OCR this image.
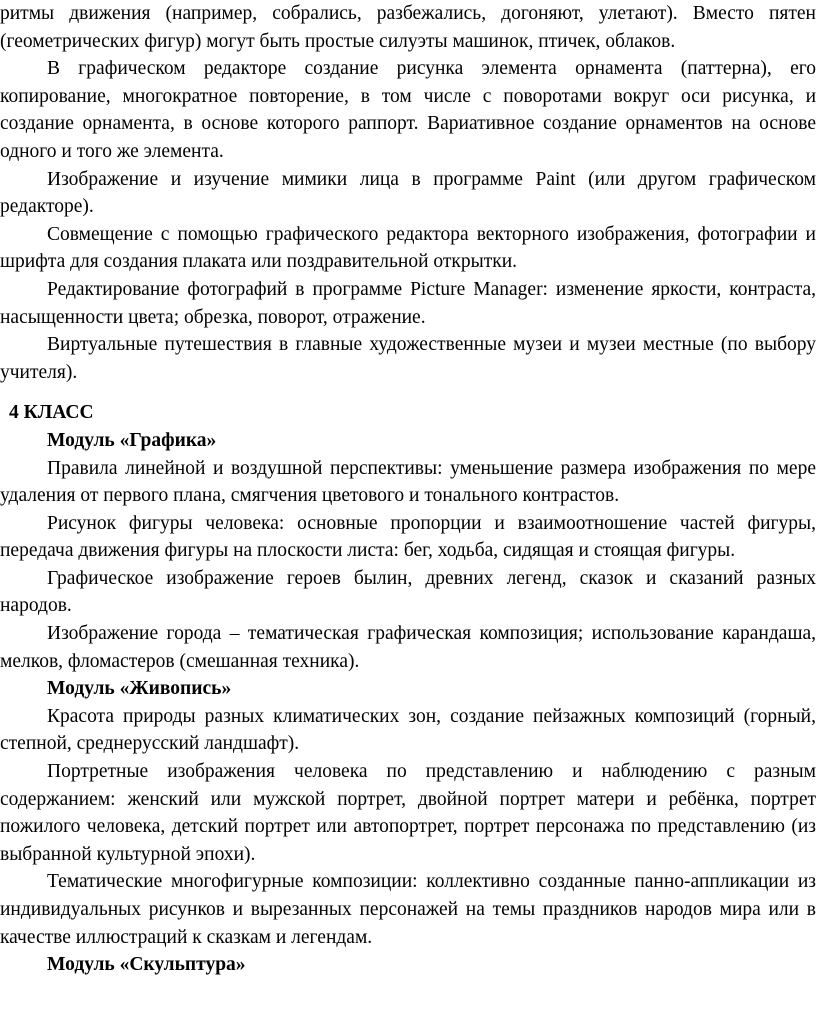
ритмы движения (например, собрались, разбежались, догоняют, улетают). Вместо пятен (геометрических фигур) могут быть простые силуэты машинок, птичек, облаков.

В графическом редакторе создание рисунка элемента орнамента (паттерна), его копирование, многократное повторение, в том числе с поворотами вокруг оси рисунка, и создание орнамента, в основе которого раппорт. Вариативное создание орнаментов на основе одного и того же элемента.

Изображение и изучение мимики лица в программе Paint (или другом графическом редакторе).

Совмещение с помощью графического редактора векторного изображения, фотографии и шрифта для создания плаката или поздравительной открытки.

Редактирование фотографий в программе Picture Manager: изменение яркости, контраста, насыщенности цвета; обрезка, поворот, отражение.

Виртуальные путешествия в главные художественные музеи и музеи местные (по выбору учителя).

4 КЛАСС

Модуль «Графика»

Правила линейной и воздушной перспективы: уменьшение размера изображения по мере удаления от первого плана, смягчения цветового и тонального контрастов.

Рисунок фигуры человека: основные пропорции и взаимоотношение частей фигуры, передача движения фигуры на плоскости листа: бег, ходьба, сидящая и стоящая фигуры.

Графическое изображение героев былин, древних легенд, сказок и сказаний разных народов.

Изображение города – тематическая графическая композиция; использование карандаша, мелков, фломастеров (смешанная техника).

Модуль «Живопись»

Красота природы разных климатических зон, создание пейзажных композиций (горный, степной, среднерусский ландшафт).

Портретные изображения человека по представлению и наблюдению с разным содержанием: женский или мужской портрет, двойной портрет матери и ребёнка, портрет пожилого человека, детский портрет или автопортрет, портрет персонажа по представлению (из выбранной культурной эпохи).

Тематические многофигурные композиции: коллективно созданные панно-аппликации из индивидуальных рисунков и вырезанных персонажей на темы праздников народов мира или в качестве иллюстраций к сказкам и легендам.

Модуль «Скульптура»
